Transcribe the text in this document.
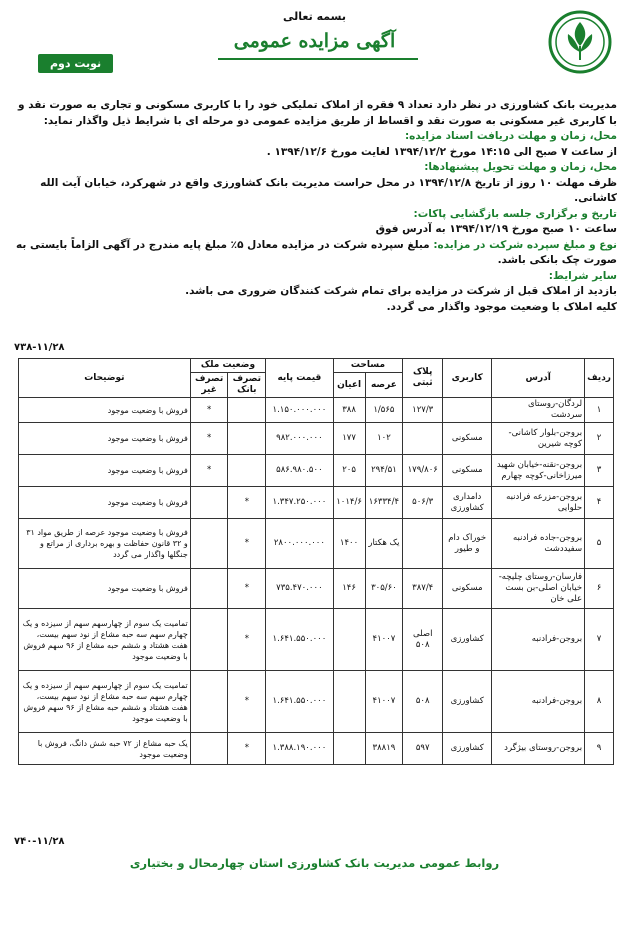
بسمه تعالی
آگهی مزایده عمومی
نوبت دوم

مدیریت بانک کشاورزی در نظر دارد تعداد ۹ فقره از املاک تملیکی خود را با کاربری مسکونی و تجاری به صورت نقد و با کاربری غیر مسکونی به صورت نقد و اقساط از طریق مزایده عمومی دو مرحله ای با شرایط ذیل واگذار نماید:

محل، زمان و مهلت دریافت اسناد مزایده:

از ساعت ۷ صبح الی ۱۴:۱۵ مورخ ۱۳۹۴/۱۲/۲ لغایت مورخ ۱۳۹۴/۱۲/۶ .

محل، زمان و مهلت تحویل پیشنهادها:

ظرف مهلت ۱۰ روز از تاریخ ۱۳۹۴/۱۲/۸ در محل حراست مدیریت بانک کشاورزی واقع در شهرکرد، خیابان آیت الله کاشانی.

تاریخ و برگزاری جلسه بازگشایی پاکات:

ساعت ۱۰ صبح مورخ ۱۳۹۴/۱۲/۱۹ به آدرس فوق

نوع و مبلغ سپرده شرکت در مزایده: مبلغ سپرده شرکت در مزایده معادل ۵٪ مبلغ پایه مندرج در آگهی الزاماً بایستی به صورت چک بانکی باشد.

سایر شرایط:

بازدید از املاک قبل از شرکت در مزایده برای تمام شرکت کنندگان ضروری می باشد.

کلیه املاک با وضعیت موجود واگذار می گردد.

۷۳۸-۱۱/۲۸
ردیف	آدرس	کاربری	پلاک ثبتی	مساحت		قیمت پایه	وضعیت ملک		توضیحات
				عرصه	اعیان		تصرف بانک	تصرف غیر	
۱	لردگان-روستای سردشت		۱۲۷/۳	۱/۵۶۵	۳۸۸	۱.۱۵۰.۰۰۰.۰۰۰		*	فروش با وضعیت موجود
۲	بروجن-بلوار کاشانی-کوچه شیرین	مسکونی		۱۰۲	۱۷۷	۹۸۲.۰۰۰.۰۰۰		*	فروش با وضعیت موجود
۳	بروجن-نقنه-خیابان شهید میرزاخانی-کوچه چهارم	مسکونی	۱۷۹/۸۰۶	۲۹۴/۵۱	۲۰۵	۵۸۶.۹۸۰.۵۰۰		*	فروش با وضعیت موجود
۴	بروجن-مزرعه فرادنبه حلوایی	دامداری کشاورزی	۵۰۶/۳	۱۶۳۳۴/۴	۱۰۱۴/۶	۱.۳۴۷.۲۵۰.۰۰۰	*		فروش با وضعیت موجود
۵	بروجن-جاده فرادنبه سفیددشت	خوراک دام و طیور		یک هکتار	۱۴۰۰	۲۸۰۰.۰۰۰.۰۰۰	*		فروش با وضعیت موجود عرصه از طریق مواد ۳۱ و ۳۲ قانون حفاظت و بهره برداری از مراتع و جنگلها واگذار می گردد
۶	فارسان-روستای چلیچه-خیابان اصلی-بن بست علی خان	مسکونی	۳۸۷/۴	۳۰۵/۶۰	۱۴۶	۷۳۵.۴۷۰.۰۰۰	*		فروش با وضعیت موجود
۷	بروجن-فرادنبه	کشاورزی	اصلی ۵۰۸	۴۱۰۰۷		۱.۶۴۱.۵۵۰.۰۰۰	*		تمامیت یک سوم از چهارسهم سهم از سیزده و یک چهارم سهم سه حبه مشاع از نود سهم بیست، هفت هشتاد و ششم حبه مشاع از ۹۶ سهم فروش با وضعیت موجود
۸	بروجن-فرادنبه	کشاورزی	۵۰۸	۴۱۰۰۷		۱.۶۴۱.۵۵۰.۰۰۰	*		تمامیت یک سوم از چهارسهم سهم از سیزده و یک چهارم سهم سه حبه مشاع از نود سهم بیست، هفت هشتاد و ششم حبه مشاع از ۹۶ سهم فروش با وضعیت موجود
۹	بروجن-روستای بیژگرد	کشاورزی	۵۹۷	۳۸۸۱۹		۱.۳۸۸.۱۹۰.۰۰۰	*		یک حبه مشاع از ۷۲ حبه شش دانگ، فروش با وضعیت موجود
۷۴۰-۱۱/۲۸
روابط عمومی مدیریت بانک کشاورزی استان چهارمحال و بختیاری
